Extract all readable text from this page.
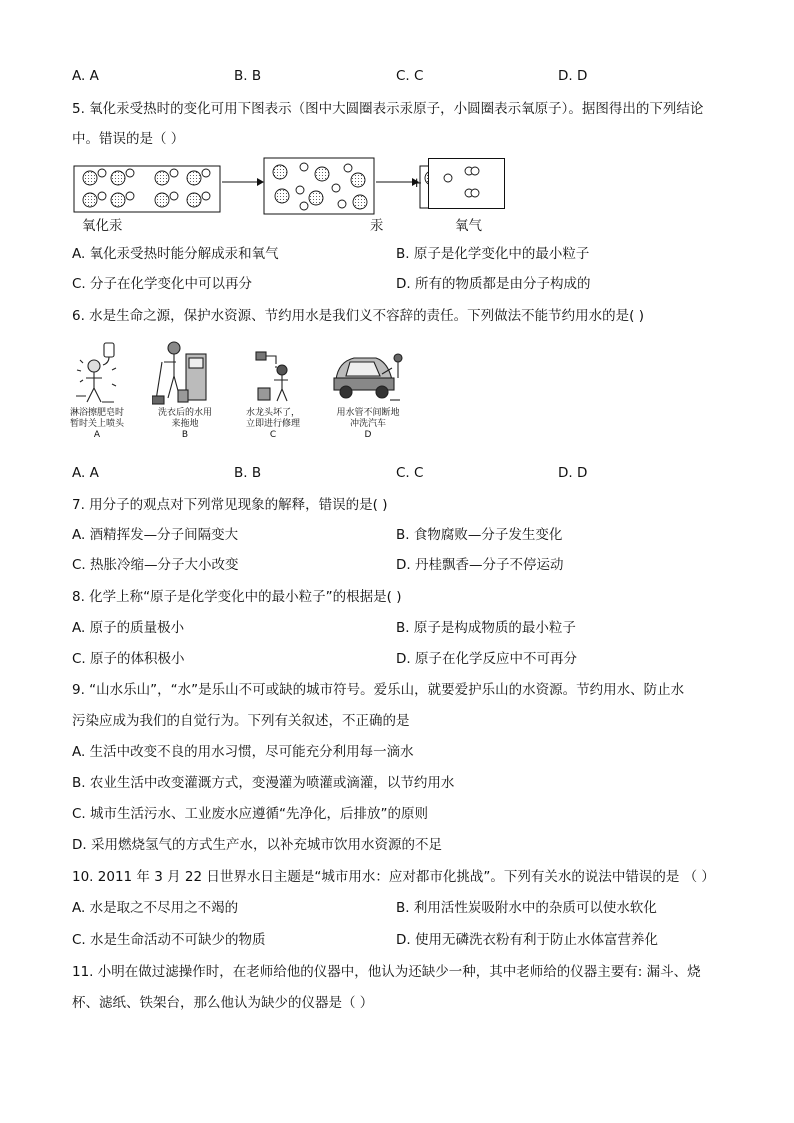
A. A	B. B	C. C	D. D
5. 氧化汞受热时的变化可用下图表示（图中大圆圈表示汞原子，小圆圈表示氧原子）。据图得出的下列结论
中。错误的是（ ）
+
氧化汞	汞	氧气
A. 氧化汞受热时能分解成汞和氧气	B. 原子是化学变化中的最小粒子
C. 分子在化学变化中可以再分	D. 所有的物质都是由分子构成的
6. 水是生命之源，保护水资源、节约用水是我们义不容辞的责任。下列做法不能节约用水的是( )
淋浴擦肥皂时
暂时关上喷头
A
洗衣后的水用
来拖地
水龙头坏了，
立即进行修理
C
用水管不间断地
冲洗汽车
D
B
A. A	B. B	C. C	D. D
7. 用分子的观点对下列常见现象的解释，错误的是( )
A. 酒精挥发—分子间隔变大	B. 食物腐败—分子发生变化
C. 热胀冷缩—分子大小改变	D. 丹桂飘香—分子不停运动
8. 化学上称“原子是化学变化中的最小粒子”的根据是( )
A. 原子的质量极小	B. 原子是构成物质的最小粒子
C. 原子的体积极小	D. 原子在化学反应中不可再分
9. “山水乐山”，“水”是乐山不可或缺的城市符号。爱乐山，就要爱护乐山的水资源。节约用水、防止水
污染应成为我们的自觉行为。下列有关叙述，不正确的是
A. 生活中改变不良的用水习惯，尽可能充分利用每一滴水
B. 农业生活中改变灌溉方式，变漫灌为喷灌或滴灌，以节约用水
C. 城市生活污水、工业废水应遵循“先净化，后排放”的原则
D. 采用燃烧氢气的方式生产水，以补充城市饮用水资源的不足
10. 2011 年 3 月 22 日世界水日主题是“城市用水：应对都市化挑战”。下列有关水的说法中错误的是 （ ）
A. 水是取之不尽用之不竭的	B. 利用活性炭吸附水中的杂质可以使水软化
C. 水是生命活动不可缺少的物质	D. 使用无磷洗衣粉有利于防止水体富营养化
11. 小明在做过滤操作时，在老师给他的仪器中，他认为还缺少一种，其中老师给的仪器主要有: 漏斗、烧
杯、滤纸、铁架台，那么他认为缺少的仪器是（ ）
